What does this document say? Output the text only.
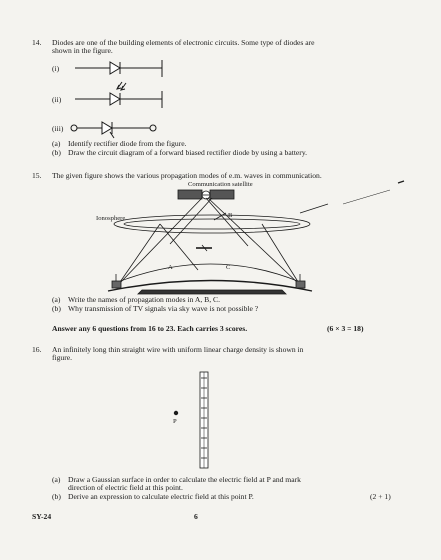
14. Diodes are one of the building elements of electronic circuits. Some type of diodes are
shown in the figure.
(i)
(ii)
(iii)
(a) Identify rectifier diode from the figure.
(b) Draw the circuit diagram of a forward biased rectifier diode by using a battery.
15. The given figure shows the various propagation modes of e.m. waves in communication.
Communication satellite
Ionosphere	B
A	C
(a) Write the names of propagation modes in A, B, C.
(b) Why transmission of TV signals via sky wave is not possible ?
Answer any 6 questions from 16 to 23. Each carries 3 scores.	(6 × 3 = 18)
16. An infinitely long thin straight wire with uniform linear charge density is shown in
figure.
P
(a) Draw a Gaussian surface in order to calculate the electric field at P and mark
direction of electric field at this point.
(b) Derive an expression to calculate electric field at this point P.	(2 + 1)
SY-24	6
